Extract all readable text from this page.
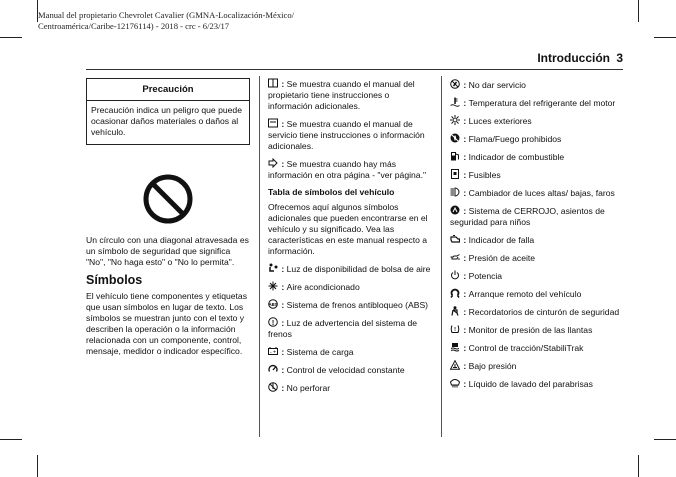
Manual del propietario Chevrolet Cavalier (GMNA-Localización-México/
Centroamérica/Caribe-12176114) - 2018 - crc - 6/23/17
Introducción 3
Precaución
Precaución indica un peligro que puede ocasionar daños materiales o daños al vehículo.

Un círculo con una diagonal atravesada es un símbolo de seguridad que significa "No", "No haga esto" o "No lo permita".

Símbolos

El vehículo tiene componentes y etiquetas que usan símbolos en lugar de texto. Los símbolos se muestran junto con el texto y describen la operación o la información relacionada con un componente, control, mensaje, medidor o indicador específico.

: Se muestra cuando el manual del propietario tiene instrucciones o información adicionales.

: Se muestra cuando el manual de servicio tiene instrucciones o información adicionales.

: Se muestra cuando hay más información en otra página - "ver página."

Tabla de símbolos del vehículo

Ofrecemos aquí algunos símbolos adicionales que pueden encontrarse en el vehículo y su significado. Vea las características en este manual respecto a información.

: Luz de disponibilidad de bolsa de aire

: Aire acondicionado

ABS : Sistema de frenos antibloqueo (ABS)

! : Luz de advertencia del sistema de frenos

- + : Sistema de carga

: Control de velocidad constante

: No perforar

: No dar servicio

: Temperatura del refrigerante del motor

: Luces exteriores

: Flama/Fuego prohibidos

: Indicador de combustible

: Fusibles

: Cambiador de luces altas/ bajas, faros

: Sistema de CERROJO, asientos de seguridad para niños

: Indicador de falla

: Presión de aceite

: Potencia

: Arranque remoto del vehículo

: Recordatorios de cinturón de seguridad

! : Monitor de presión de las llantas

: Control de tracción/StabiliTrak

: Bajo presión

: Líquido de lavado del parabrisas
